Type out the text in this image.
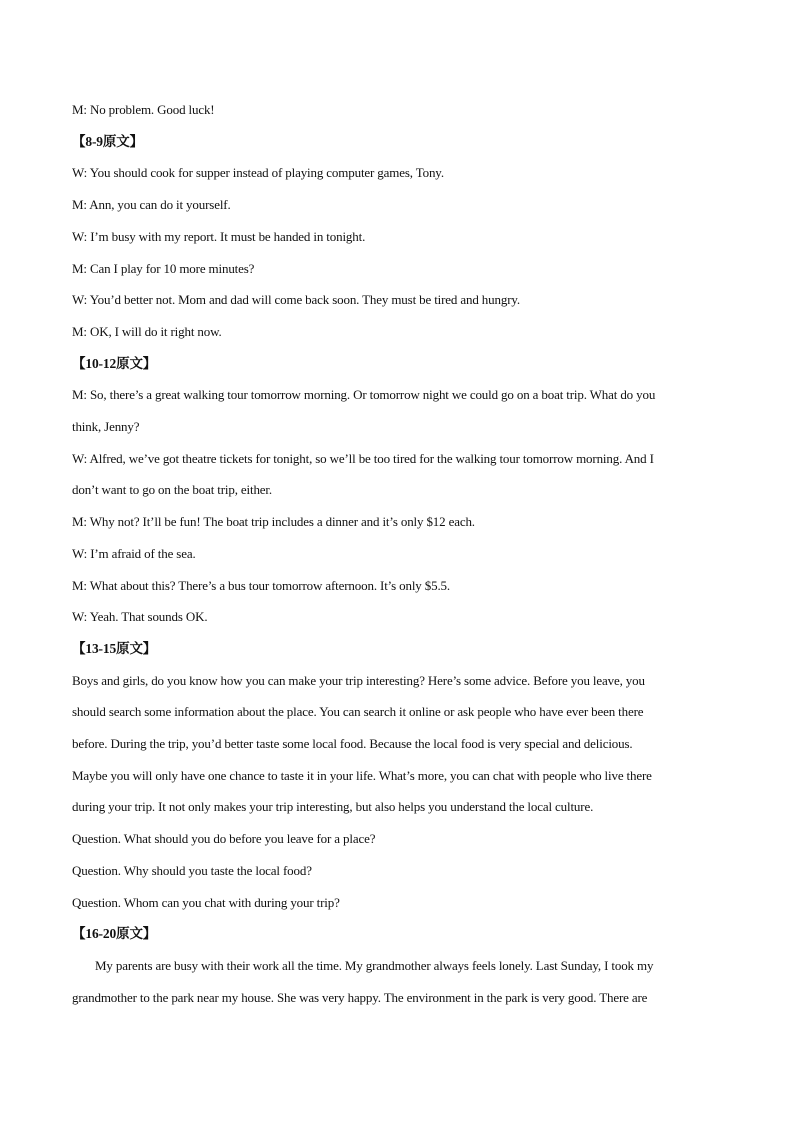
M: No problem. Good luck!
【8-9原文】
W: You should cook for supper instead of playing computer games, Tony.
M: Ann, you can do it yourself.
W: I’m busy with my report. It must be handed in tonight.
M: Can I play for 10 more minutes?
W: You’d better not. Mom and dad will come back soon. They must be tired and hungry.
M: OK, I will do it right now.
【10-12原文】
M: So, there’s a great walking tour tomorrow morning. Or tomorrow night we could go on a boat trip. What do you
think, Jenny?
W: Alfred, we’ve got theatre tickets for tonight, so we’ll be too tired for the walking tour tomorrow morning. And I
don’t want to go on the boat trip, either.
M: Why not? It’ll be fun! The boat trip includes a dinner and it’s only $12 each.
W: I’m afraid of the sea.
M: What about this? There’s a bus tour tomorrow afternoon. It’s only $5.5.
W: Yeah. That sounds OK.
【13-15原文】
Boys and girls, do you know how you can make your trip interesting? Here’s some advice. Before you leave, you
should search some information about the place. You can search it online or ask people who have ever been there
before. During the trip, you’d better taste some local food. Because the local food is very special and delicious.
Maybe you will only have one chance to taste it in your life. What’s more, you can chat with people who live there
during your trip. It not only makes your trip interesting, but also helps you understand the local culture.
Question. What should you do before you leave for a place?
Question. Why should you taste the local food?
Question. Whom can you chat with during your trip?
【16-20原文】
My parents are busy with their work all the time. My grandmother always feels lonely. Last Sunday, I took my
grandmother to the park near my house. She was very happy. The environment in the park is very good. There are
